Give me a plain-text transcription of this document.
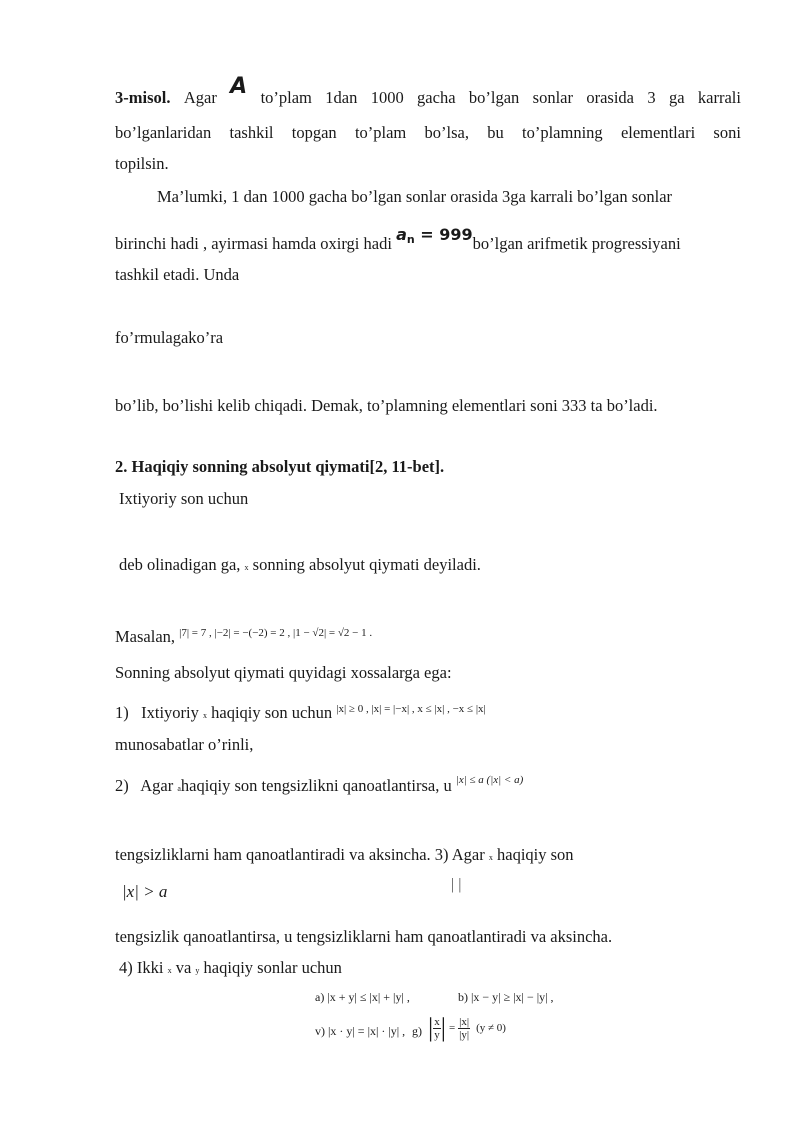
3-misol. Agar A to’plam 1dan 1000 gacha bo’lgan sonlar orasida 3 ga karrali
bo’lganlaridan tashkil topgan to’plam bo’lsa, bu to’plamning elementlari soni
topilsin.
Ma’lumki, 1 dan 1000 gacha bo’lgan sonlar orasida 3ga karrali bo’lgan sonlar
birinchi hadi , ayirmasi hamda oxirgi hadi $a_n$ = 999bo’lgan arifmetik progressiyani
tashkil etadi. Unda
fo’rmulagako’ra
bo’lib, bo’lishi kelib chiqadi. Demak, to’plamning elementlari soni 333 ta bo’ladi.
2. Haqiqiy sonning absolyut qiymati[2, 11-bet].
Ixtiyoriy son uchun
deb olinadigan ga, x sonning absolyut qiymati deyiladi.
Masalan, $^{|7| = 7 , |-2| = -(-2) = 2 , |1 - √2| = √2 - 1 .}$
Sonning absolyut qiymati quyidagi xossalarga ega:
1) Ixtiyoriy x haqiqiy son uchun $^{|x| \ge 0 , |x| = |-x| , x \le |x| , -x \le |x|}$
munosabatlar o’rinli,
2) Agar ahaqiqiy son tengsizlikni qanoatlantirsa, u $^{|x| \le a (|x| < a)}$
tengsizliklarni ham qanoatlantiradi va aksincha. 3) Agar x haqiqiy son
|x| > a	| |
tengsizlik qanoatlantirsa, u tengsizliklarni ham qanoatlantiradi va aksincha.
4) Ikki x va y haqiqiy sonlar uchun
a) |x + y| ≤ |x| + |y| ,	b) |x − y| ≥ |x| − |y| ,
v) |x · y| = |x| · |y| , g) | $\frac{x}{y}$ | = $\frac{|x|}{|y|} (y \ne 0)$
